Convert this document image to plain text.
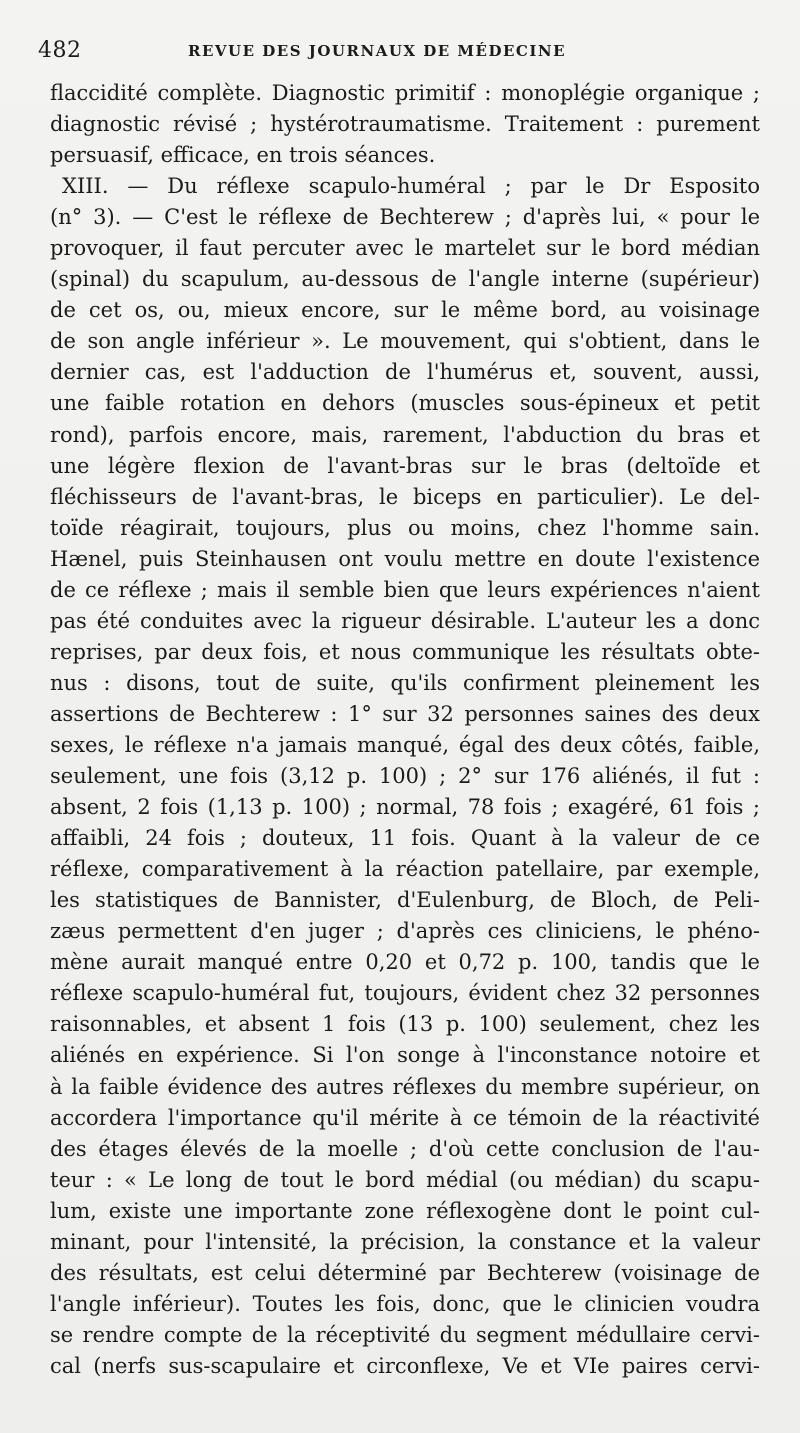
482	REVUE DES JOURNAUX DE MÉDECINE
flaccidité complète. Diagnostic primitif : monoplégie organique ;
diagnostic révisé ; hystérotraumatisme. Traitement : purement
persuasif, efficace, en trois séances.
XIII. — Du réflexe scapulo-huméral ; par le Dr Esposito
(n° 3). — C'est le réflexe de Bechterew ; d'après lui, « pour le
provoquer, il faut percuter avec le martelet sur le bord médian
(spinal) du scapulum, au-dessous de l'angle interne (supérieur)
de cet os, ou, mieux encore, sur le même bord, au voisinage
de son angle inférieur ». Le mouvement, qui s'obtient, dans le
dernier cas, est l'adduction de l'humérus et, souvent, aussi,
une faible rotation en dehors (muscles sous-épineux et petit
rond), parfois encore, mais, rarement, l'abduction du bras et
une légère flexion de l'avant-bras sur le bras (deltoïde et
fléchisseurs de l'avant-bras, le biceps en particulier). Le del-
toïde réagirait, toujours, plus ou moins, chez l'homme sain.
Hænel, puis Steinhausen ont voulu mettre en doute l'existence
de ce réflexe ; mais il semble bien que leurs expériences n'aient
pas été conduites avec la rigueur désirable. L'auteur les a donc
reprises, par deux fois, et nous communique les résultats obte-
nus : disons, tout de suite, qu'ils confirment pleinement les
assertions de Bechterew : 1° sur 32 personnes saines des deux
sexes, le réflexe n'a jamais manqué, égal des deux côtés, faible,
seulement, une fois (3,12 p. 100) ; 2° sur 176 aliénés, il fut :
absent, 2 fois (1,13 p. 100) ; normal, 78 fois ; exagéré, 61 fois ;
affaibli, 24 fois ; douteux, 11 fois. Quant à la valeur de ce
réflexe, comparativement à la réaction patellaire, par exemple,
les statistiques de Bannister, d'Eulenburg, de Bloch, de Peli-
zæus permettent d'en juger ; d'après ces cliniciens, le phéno-
mène aurait manqué entre 0,20 et 0,72 p. 100, tandis que le
réflexe scapulo-huméral fut, toujours, évident chez 32 personnes
raisonnables, et absent 1 fois (13 p. 100) seulement, chez les
aliénés en expérience. Si l'on songe à l'inconstance notoire et
à la faible évidence des autres réflexes du membre supérieur, on
accordera l'importance qu'il mérite à ce témoin de la réactivité
des étages élevés de la moelle ; d'où cette conclusion de l'au-
teur : « Le long de tout le bord médial (ou médian) du scapu-
lum, existe une importante zone réflexogène dont le point cul-
minant, pour l'intensité, la précision, la constance et la valeur
des résultats, est celui déterminé par Bechterew (voisinage de
l'angle inférieur). Toutes les fois, donc, que le clinicien voudra
se rendre compte de la réceptivité du segment médullaire cervi-
cal (nerfs sus-scapulaire et circonflexe, Ve et VIe paires cervi-
